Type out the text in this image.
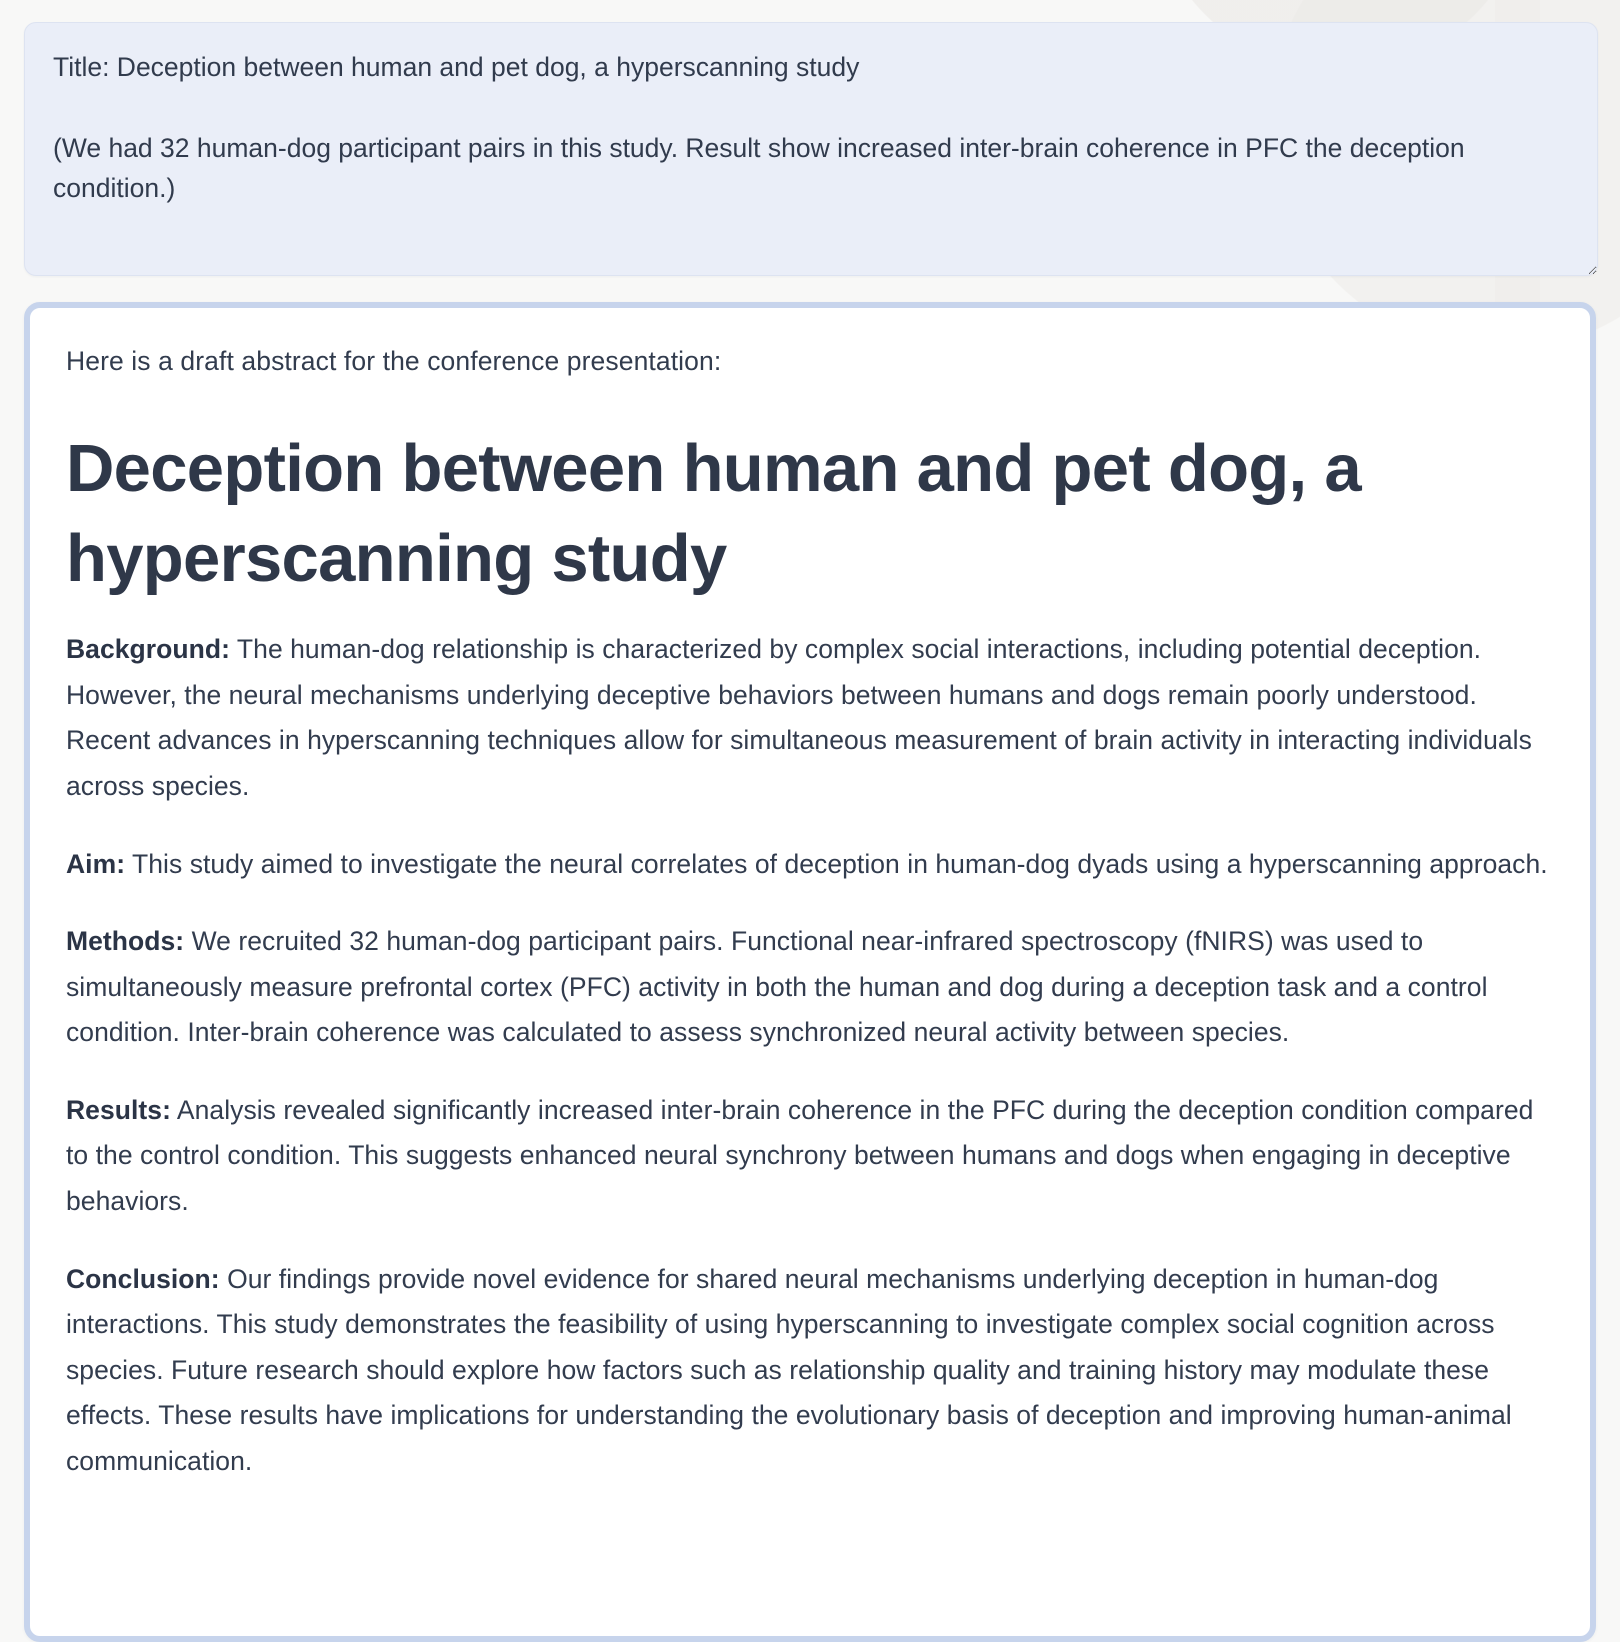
Title: Deception between human and pet dog, a hyperscanning study (We had 32 human-dog participant pairs in this study. Result show increased inter-brain coherence in PFC the deception condition.)
Here is a draft abstract for the conference presentation:
Deception between human and pet dog, a hyperscanning study

Background: The human-dog relationship is characterized by complex social interactions, including potential deception. However, the neural mechanisms underlying deceptive behaviors between humans and dogs remain poorly understood. Recent advances in hyperscanning techniques allow for simultaneous measurement of brain activity in interacting individuals across species.

Aim: This study aimed to investigate the neural correlates of deception in human-dog dyads using a hyperscanning approach.

Methods: We recruited 32 human-dog participant pairs. Functional near-infrared spectroscopy (fNIRS) was used to simultaneously measure prefrontal cortex (PFC) activity in both the human and dog during a deception task and a control condition. Inter-brain coherence was calculated to assess synchronized neural activity between species.

Results: Analysis revealed significantly increased inter-brain coherence in the PFC during the deception condition compared to the control condition. This suggests enhanced neural synchrony between humans and dogs when engaging in deceptive behaviors.

Conclusion: Our findings provide novel evidence for shared neural mechanisms underlying deception in human-dog interactions. This study demonstrates the feasibility of using hyperscanning to investigate complex social cognition across species. Future research should explore how factors such as relationship quality and training history may modulate these effects. These results have implications for understanding the evolutionary basis of deception and improving human-animal communication.
